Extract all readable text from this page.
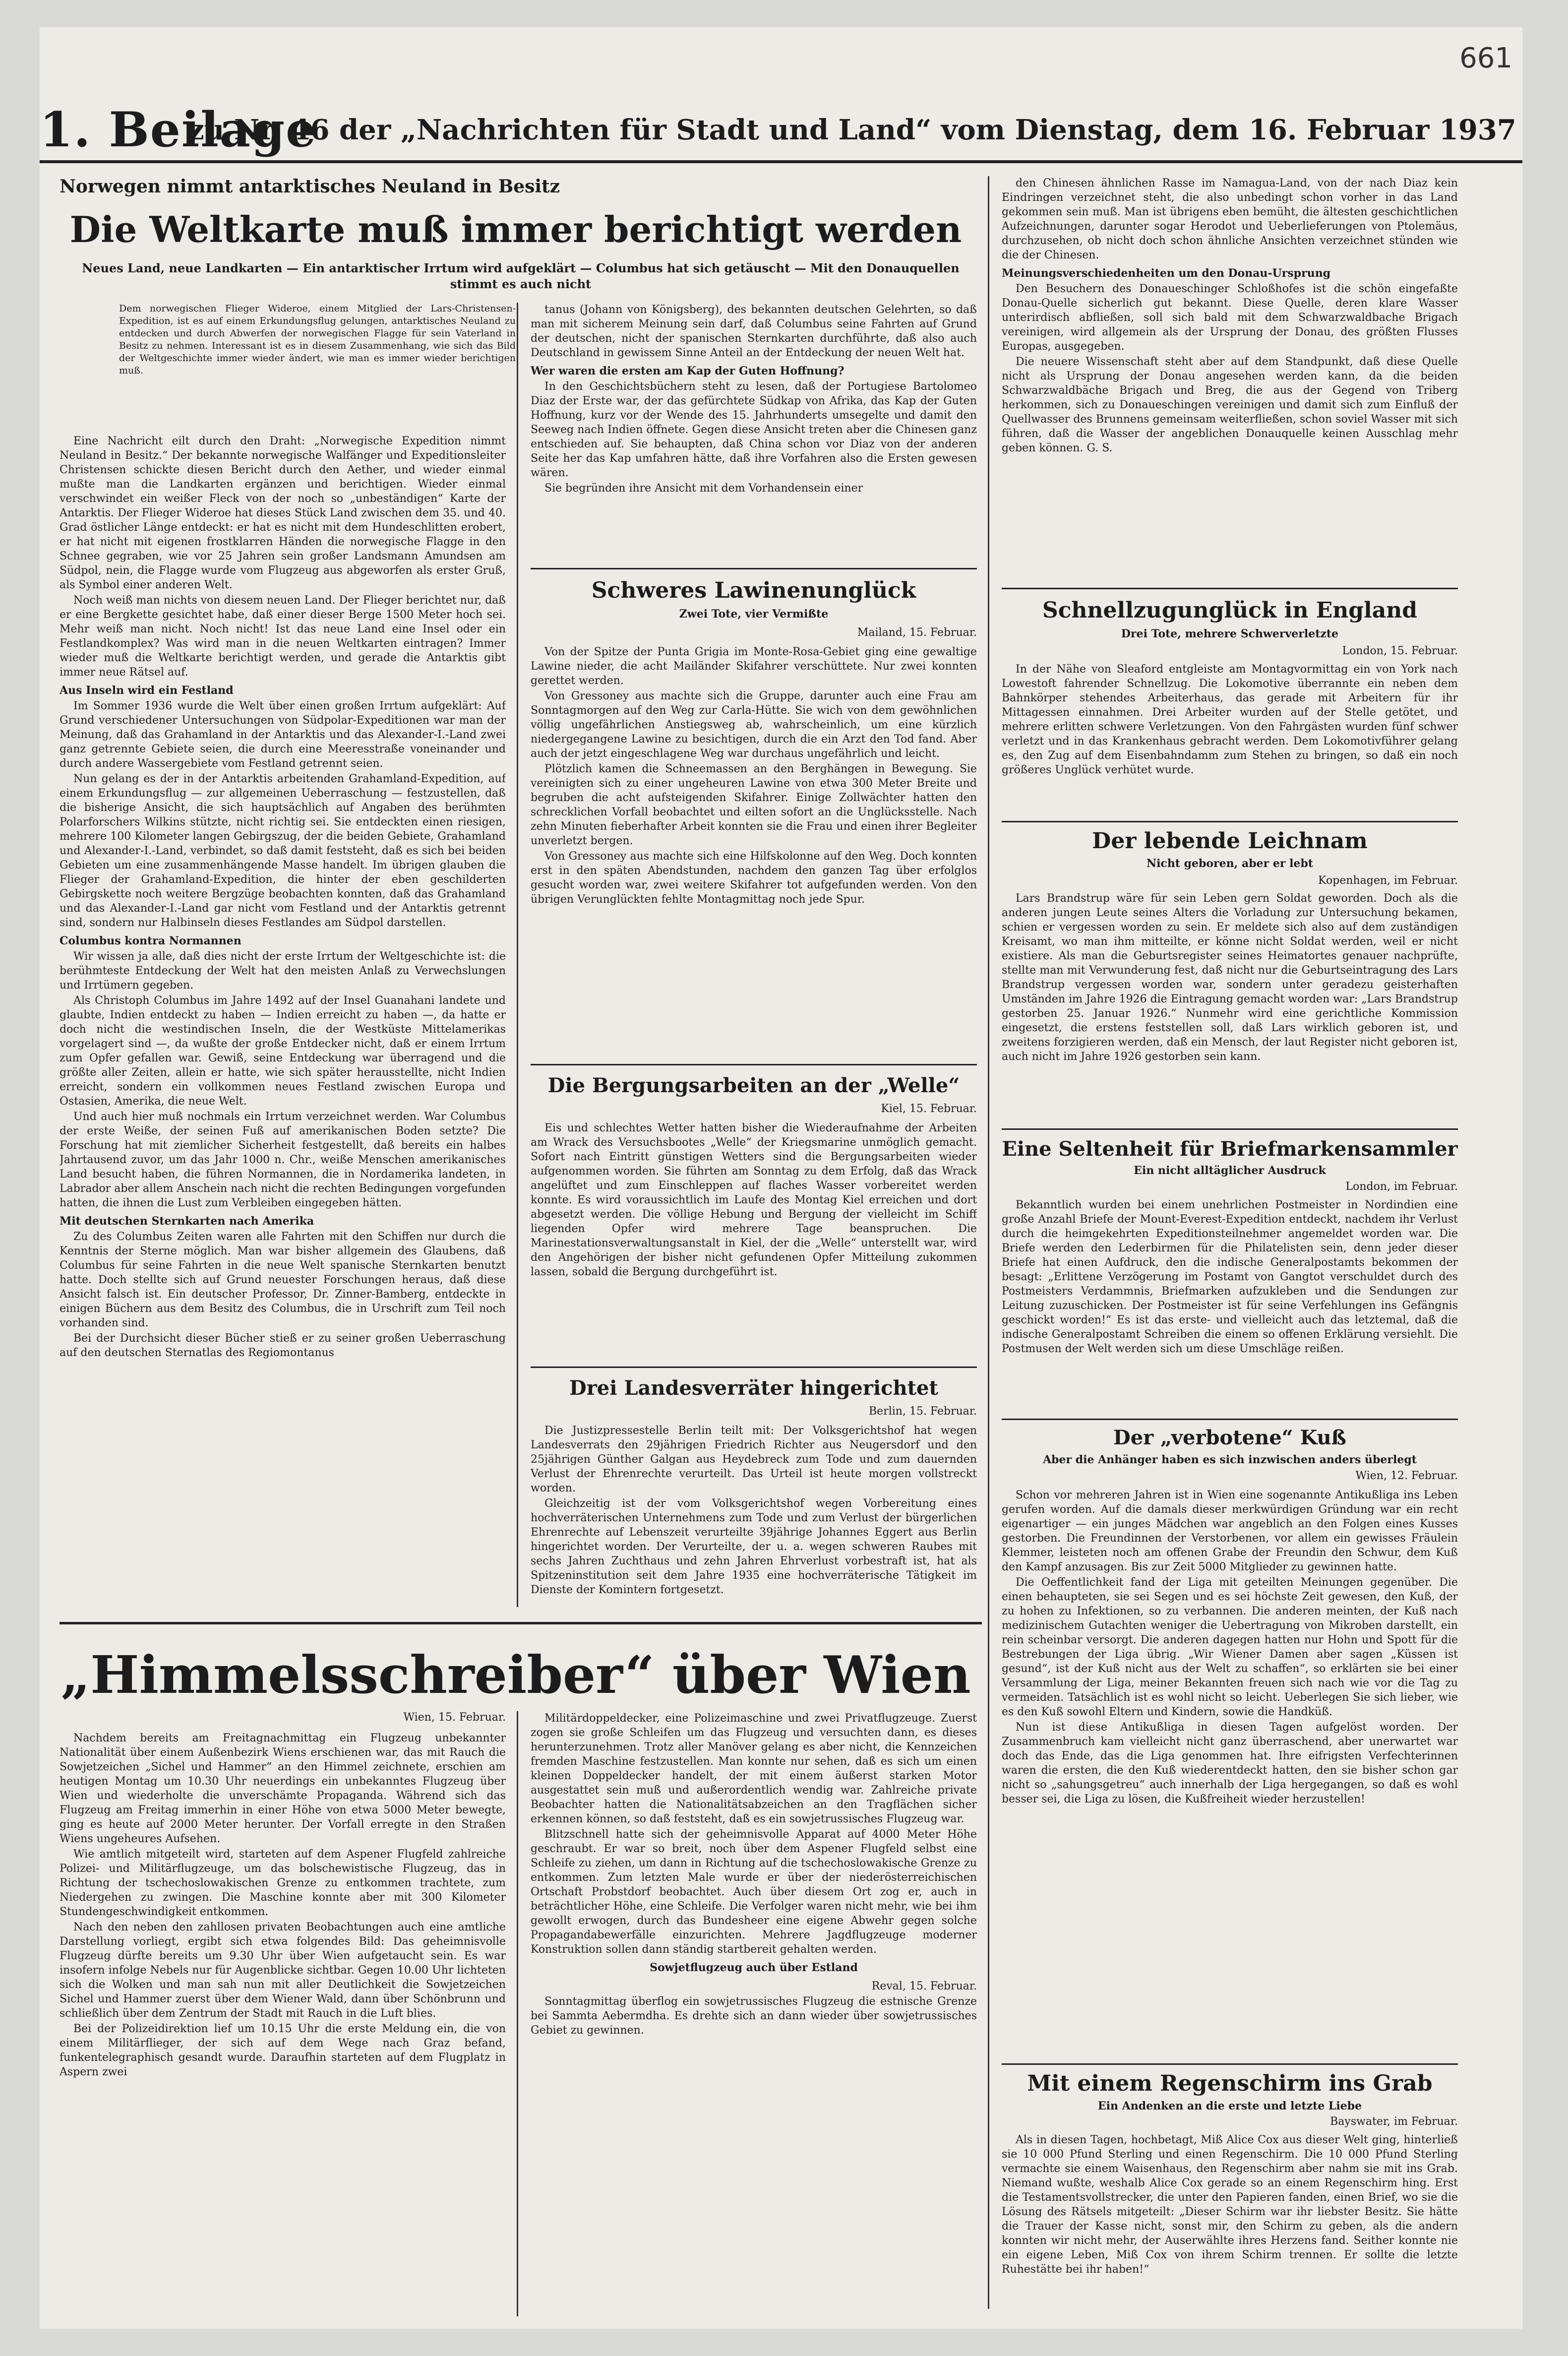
661
1. Beilage
zu Nr. 46 der „Nachrichten für Stadt und Land“ vom Dienstag, dem 16. Februar 1937
Norwegen nimmt antarktisches Neuland in Besitz
Die Weltkarte muß immer berichtigt werden
Neues Land, neue Landkarten — Ein antarktischer Irrtum wird aufgeklärt — Columbus hat sich getäuscht — Mit den Donauquellen stimmt es auch nicht
Dem norwegischen Flieger Wideroe, einem Mitglied der Lars-Christensen-Expedition, ist es auf einem Erkundungsflug gelungen, antarktisches Neuland zu entdecken und durch Abwerfen der norwegischen Flagge für sein Vaterland in Besitz zu nehmen. Interessant ist es in diesem Zusammenhang, wie sich das Bild der Weltgeschichte immer wieder ändert, wie man es immer wieder berichtigen muß.

Eine Nachricht eilt durch den Draht: „Norwegische Expedition nimmt Neuland in Besitz.“ Der bekannte norwegische Walfänger und Expeditionsleiter Christensen schickte diesen Bericht durch den Aether, und wieder einmal mußte man die Landkarten ergänzen und berichtigen. Wieder einmal verschwindet ein weißer Fleck von der noch so „unbeständigen“ Karte der Antarktis. Der Flieger Wideroe hat dieses Stück Land zwischen dem 35. und 40. Grad östlicher Länge entdeckt: er hat es nicht mit dem Hundeschlitten erobert, er hat nicht mit eigenen frostklarren Händen die norwegische Flagge in den Schnee gegraben, wie vor 25 Jahren sein großer Landsmann Amundsen am Südpol, nein, die Flagge wurde vom Flugzeug aus abgeworfen als erster Gruß, als Symbol einer anderen Welt.

Noch weiß man nichts von diesem neuen Land. Der Flieger berichtet nur, daß er eine Bergkette gesichtet habe, daß einer dieser Berge 1500 Meter hoch sei. Mehr weiß man nicht. Noch nicht! Ist das neue Land eine Insel oder ein Festlandkomplex? Was wird man in die neuen Weltkarten eintragen? Immer wieder muß die Weltkarte berichtigt werden, und gerade die Antarktis gibt immer neue Rätsel auf.

Aus Inseln wird ein Festland

Im Sommer 1936 wurde die Welt über einen großen Irrtum aufgeklärt: Auf Grund verschiedener Untersuchungen von Südpolar-Expeditionen war man der Meinung, daß das Grahamland in der Antarktis und das Alexander-I.-Land zwei ganz getrennte Gebiete seien, die durch eine Meeresstraße voneinander und durch andere Wassergebiete vom Festland getrennt seien.

Nun gelang es der in der Antarktis arbeitenden Grahamland-Expedition, auf einem Erkundungsflug — zur allgemeinen Ueberraschung — festzustellen, daß die bisherige Ansicht, die sich hauptsächlich auf Angaben des berühmten Polarforschers Wilkins stützte, nicht richtig sei. Sie entdeckten einen riesigen, mehrere 100 Kilometer langen Gebirgszug, der die beiden Gebiete, Grahamland und Alexander-I.-Land, verbindet, so daß damit feststeht, daß es sich bei beiden Gebieten um eine zusammenhängende Masse handelt. Im übrigen glauben die Flieger der Grahamland-Expedition, die hinter der eben geschilderten Gebirgskette noch weitere Bergzüge beobachten konnten, daß das Grahamland und das Alexander-I.-Land gar nicht vom Festland und der Antarktis getrennt sind, sondern nur Halbinseln dieses Festlandes am Südpol darstellen.

Columbus kontra Normannen

Wir wissen ja alle, daß dies nicht der erste Irrtum der Weltgeschichte ist: die berühmteste Entdeckung der Welt hat den meisten Anlaß zu Verwechslungen und Irrtümern gegeben.

Als Christoph Columbus im Jahre 1492 auf der Insel Guanahani landete und glaubte, Indien entdeckt zu haben — Indien erreicht zu haben —, da hatte er doch nicht die westindischen Inseln, die der Westküste Mittelamerikas vorgelagert sind —, da wußte der große Entdecker nicht, daß er einem Irrtum zum Opfer gefallen war. Gewiß, seine Entdeckung war überragend und die größte aller Zeiten, allein er hatte, wie sich später herausstellte, nicht Indien erreicht, sondern ein vollkommen neues Festland zwischen Europa und Ostasien, Amerika, die neue Welt.

Und auch hier muß nochmals ein Irrtum verzeichnet werden. War Columbus der erste Weiße, der seinen Fuß auf amerikanischen Boden setzte? Die Forschung hat mit ziemlicher Sicherheit festgestellt, daß bereits ein halbes Jahrtausend zuvor, um das Jahr 1000 n. Chr., weiße Menschen amerikanisches Land besucht haben, die führen Normannen, die in Nordamerika landeten, in Labrador aber allem Anschein nach nicht die rechten Bedingungen vorgefunden hatten, die ihnen die Lust zum Verbleiben eingegeben hätten.

Mit deutschen Sternkarten nach Amerika

Zu des Columbus Zeiten waren alle Fahrten mit den Schiffen nur durch die Kenntnis der Sterne möglich. Man war bisher allgemein des Glaubens, daß Columbus für seine Fahrten in die neue Welt spanische Sternkarten benutzt hatte. Doch stellte sich auf Grund neuester Forschungen heraus, daß diese Ansicht falsch ist. Ein deutscher Professor, Dr. Zinner-Bamberg, entdeckte in einigen Büchern aus dem Besitz des Columbus, die in Urschrift zum Teil noch vorhanden sind.

Bei der Durchsicht dieser Bücher stieß er zu seiner großen Ueberraschung auf den deutschen Sternatlas des Regiomontanus

tanus (Johann von Königsberg), des bekannten deutschen Gelehrten, so daß man mit sicherem Meinung sein darf, daß Columbus seine Fahrten auf Grund der deutschen, nicht der spanischen Sternkarten durchführte, daß also auch Deutschland in gewissem Sinne Anteil an der Entdeckung der neuen Welt hat.

Wer waren die ersten am Kap der Guten Hoffnung?

In den Geschichtsbüchern steht zu lesen, daß der Portugiese Bartolomeo Diaz der Erste war, der das gefürchtete Südkap von Afrika, das Kap der Guten Hoffnung, kurz vor der Wende des 15. Jahrhunderts umsegelte und damit den Seeweg nach Indien öffnete. Gegen diese Ansicht treten aber die Chinesen ganz entschieden auf. Sie behaupten, daß China schon vor Diaz von der anderen Seite her das Kap umfahren hätte, daß ihre Vorfahren also die Ersten gewesen wären.

Sie begründen ihre Ansicht mit dem Vorhandensein einer

Schweres Lawinenunglück
Zwei Tote, vier Vermißte
Mailand, 15. Februar.

Von der Spitze der Punta Grigia im Monte-Rosa-Gebiet ging eine gewaltige Lawine nieder, die acht Mailänder Skifahrer verschüttete. Nur zwei konnten gerettet werden.

Von Gressoney aus machte sich die Gruppe, darunter auch eine Frau am Sonntagmorgen auf den Weg zur Carla-Hütte. Sie wich von dem gewöhnlichen völlig ungefährlichen Anstiegsweg ab, wahrscheinlich, um eine kürzlich niedergegangene Lawine zu besichtigen, durch die ein Arzt den Tod fand. Aber auch der jetzt eingeschlagene Weg war durchaus ungefährlich und leicht.

Plötzlich kamen die Schneemassen an den Berghängen in Bewegung. Sie vereinigten sich zu einer ungeheuren Lawine von etwa 300 Meter Breite und begruben die acht aufsteigenden Skifahrer. Einige Zollwächter hatten den schrecklichen Vorfall beobachtet und eilten sofort an die Unglücksstelle. Nach zehn Minuten fieberhafter Arbeit konnten sie die Frau und einen ihrer Begleiter unverletzt bergen.

Von Gressoney aus machte sich eine Hilfskolonne auf den Weg. Doch konnten erst in den späten Abendstunden, nachdem den ganzen Tag über erfolglos gesucht worden war, zwei weitere Skifahrer tot aufgefunden werden. Von den übrigen Verunglückten fehlte Montagmittag noch jede Spur.

Die Bergungsarbeiten an der „Welle“
Kiel, 15. Februar.

Eis und schlechtes Wetter hatten bisher die Wiederaufnahme der Arbeiten am Wrack des Versuchsbootes „Welle“ der Kriegsmarine unmöglich gemacht. Sofort nach Eintritt günstigen Wetters sind die Bergungsarbeiten wieder aufgenommen worden. Sie führten am Sonntag zu dem Erfolg, daß das Wrack angelüftet und zum Einschleppen auf flaches Wasser vorbereitet werden konnte. Es wird voraussichtlich im Laufe des Montag Kiel erreichen und dort abgesetzt werden. Die völlige Hebung und Bergung der vielleicht im Schiff liegenden Opfer wird mehrere Tage beanspruchen. Die Marinestationsverwaltungsanstalt in Kiel, der die „Welle“ unterstellt war, wird den Angehörigen der bisher nicht gefundenen Opfer Mitteilung zukommen lassen, sobald die Bergung durchgeführt ist.

Drei Landesverräter hingerichtet
Berlin, 15. Februar.

Die Justizpressestelle Berlin teilt mit: Der Volksgerichtshof hat wegen Landesverrats den 29jährigen Friedrich Richter aus Neugersdorf und den 25jährigen Günther Galgan aus Heydebreck zum Tode und zum dauernden Verlust der Ehrenrechte verurteilt. Das Urteil ist heute morgen vollstreckt worden.

Gleichzeitig ist der vom Volksgerichtshof wegen Vorbereitung eines hochverräterischen Unternehmens zum Tode und zum Verlust der bürgerlichen Ehrenrechte auf Lebenszeit verurteilte 39jährige Johannes Eggert aus Berlin hingerichtet worden. Der Verurteilte, der u. a. wegen schweren Raubes mit sechs Jahren Zuchthaus und zehn Jahren Ehrverlust vorbestraft ist, hat als Spitzeninstitution seit dem Jahre 1935 eine hochverräterische Tätigkeit im Dienste der Komintern fortgesetzt.

den Chinesen ähnlichen Rasse im Namagua-Land, von der nach Diaz kein Eindringen verzeichnet steht, die also unbedingt schon vorher in das Land gekommen sein muß. Man ist übrigens eben bemüht, die ältesten geschichtlichen Aufzeichnungen, darunter sogar Herodot und Ueberlieferungen von Ptolemäus, durchzusehen, ob nicht doch schon ähnliche Ansichten verzeichnet stünden wie die der Chinesen.

Meinungsverschiedenheiten um den Donau-Ursprung

Den Besuchern des Donaueschinger Schloßhofes ist die schön eingefaßte Donau-Quelle sicherlich gut bekannt. Diese Quelle, deren klare Wasser unterirdisch abfließen, soll sich bald mit dem Schwarzwaldbache Brigach vereinigen, wird allgemein als der Ursprung der Donau, des größten Flusses Europas, ausgegeben.

Die neuere Wissenschaft steht aber auf dem Standpunkt, daß diese Quelle nicht als Ursprung der Donau angesehen werden kann, da die beiden Schwarzwaldbäche Brigach und Breg, die aus der Gegend von Triberg herkommen, sich zu Donaueschingen vereinigen und damit sich zum Einfluß der Quellwasser des Brunnens gemeinsam weiterfließen, schon soviel Wasser mit sich führen, daß die Wasser der angeblichen Donauquelle keinen Ausschlag mehr geben können. G. S.

Schnellzugunglück in England
Drei Tote, mehrere Schwerverletzte
London, 15. Februar.

In der Nähe von Sleaford entgleiste am Montagvormittag ein von York nach Lowestoft fahrender Schnellzug. Die Lokomotive überrannte ein neben dem Bahnkörper stehendes Arbeiterhaus, das gerade mit Arbeitern für ihr Mittagessen einnahmen. Drei Arbeiter wurden auf der Stelle getötet, und mehrere erlitten schwere Verletzungen. Von den Fahrgästen wurden fünf schwer verletzt und in das Krankenhaus gebracht werden. Dem Lokomotivführer gelang es, den Zug auf dem Eisenbahndamm zum Stehen zu bringen, so daß ein noch größeres Unglück verhütet wurde.

Der lebende Leichnam
Nicht geboren, aber er lebt
Kopenhagen, im Februar.

Lars Brandstrup wäre für sein Leben gern Soldat geworden. Doch als die anderen jungen Leute seines Alters die Vorladung zur Untersuchung bekamen, schien er vergessen worden zu sein. Er meldete sich also auf dem zuständigen Kreisamt, wo man ihm mitteilte, er könne nicht Soldat werden, weil er nicht existiere. Als man die Geburtsregister seines Heimatortes genauer nachprüfte, stellte man mit Verwunderung fest, daß nicht nur die Geburtseintragung des Lars Brandstrup vergessen worden war, sondern unter geradezu geisterhaften Umständen im Jahre 1926 die Eintragung gemacht worden war: „Lars Brandstrup gestorben 25. Januar 1926.“ Nunmehr wird eine gerichtliche Kommission eingesetzt, die erstens feststellen soll, daß Lars wirklich geboren ist, und zweitens forzigieren werden, daß ein Mensch, der laut Register nicht geboren ist, auch nicht im Jahre 1926 gestorben sein kann.

Eine Seltenheit für Briefmarkensammler
Ein nicht alltäglicher Ausdruck
London, im Februar.

Bekanntlich wurden bei einem unehrlichen Postmeister in Nordindien eine große Anzahl Briefe der Mount-Everest-Expedition entdeckt, nachdem ihr Verlust durch die heimgekehrten Expeditionsteilnehmer angemeldet worden war. Die Briefe werden den Lederbirmen für die Philatelisten sein, denn jeder dieser Briefe hat einen Aufdruck, den die indische Generalpostamts bekommen der besagt: „Erlittene Verzögerung im Postamt von Gangtot verschuldet durch des Postmeisters Verdammnis, Briefmarken aufzukleben und die Sendungen zur Leitung zuzuschicken. Der Postmeister ist für seine Verfehlungen ins Gefängnis geschickt worden!“ Es ist das erste- und vielleicht auch das letztemal, daß die indische Generalpostamt Schreiben die einem so offenen Erklärung versiehlt. Die Postmusen der Welt werden sich um diese Umschläge reißen.

Der „verbotene“ Kuß
Aber die Anhänger haben es sich inzwischen anders überlegt
Wien, 12. Februar.

Schon vor mehreren Jahren ist in Wien eine sogenannte Antikußliga ins Leben gerufen worden. Auf die damals dieser merkwürdigen Gründung war ein recht eigenartiger — ein junges Mädchen war angeblich an den Folgen eines Kusses gestorben. Die Freundinnen der Verstorbenen, vor allem ein gewisses Fräulein Klemmer, leisteten noch am offenen Grabe der Freundin den Schwur, dem Kuß den Kampf anzusagen. Bis zur Zeit 5000 Mitglieder zu gewinnen hatte.

Die Oeffentlichkeit fand der Liga mit geteilten Meinungen gegenüber. Die einen behaupteten, sie sei Segen und es sei höchste Zeit gewesen, den Kuß, der zu hohen zu Infektionen, so zu verbannen. Die anderen meinten, der Kuß nach medizinischem Gutachten weniger die Uebertragung von Mikroben darstellt, ein rein scheinbar versorgt. Die anderen dagegen hatten nur Hohn und Spott für die Bestrebungen der Liga übrig. „Wir Wiener Damen aber sagen „Küssen ist gesund“, ist der Kuß nicht aus der Welt zu schaffen“, so erklärten sie bei einer Versammlung der Liga, meiner Bekannten freuen sich nach wie vor die Tag zu vermeiden. Tatsächlich ist es wohl nicht so leicht. Ueberlegen Sie sich lieber, wie es den Kuß sowohl Eltern und Kindern, sowie die Handküß.

Nun ist diese Antikußliga in diesen Tagen aufgelöst worden. Der Zusammenbruch kam vielleicht nicht ganz überraschend, aber unerwartet war doch das Ende, das die Liga genommen hat. Ihre eifrigsten Verfechterinnen waren die ersten, die den Kuß wiederentdeckt hatten, den sie bisher schon gar nicht so „sahungsgetreu“ auch innerhalb der Liga hergegangen, so daß es wohl besser sei, die Liga zu lösen, die Kußfreiheit wieder herzustellen!

Mit einem Regenschirm ins Grab
Ein Andenken an die erste und letzte Liebe
Bayswater, im Februar.

Als in diesen Tagen, hochbetagt, Miß Alice Cox aus dieser Welt ging, hinterließ sie 10 000 Pfund Sterling und einen Regenschirm. Die 10 000 Pfund Sterling vermachte sie einem Waisenhaus, den Regenschirm aber nahm sie mit ins Grab. Niemand wußte, weshalb Alice Cox gerade so an einem Regenschirm hing. Erst die Testamentsvollstrecker, die unter den Papieren fanden, einen Brief, wo sie die Lösung des Rätsels mitgeteilt: „Dieser Schirm war ihr liebster Besitz. Sie hätte die Trauer der Kasse nicht, sonst mir, den Schirm zu geben, als die andern konnten wir nicht mehr, der Auserwählte ihres Herzens fand. Seither konnte nie ein eigene Leben, Miß Cox von ihrem Schirm trennen. Er sollte die letzte Ruhestätte bei ihr haben!“

„Himmelsschreiber“ über Wien
Wien, 15. Februar.

Nachdem bereits am Freitagnachmittag ein Flugzeug unbekannter Nationalität über einem Außenbezirk Wiens erschienen war, das mit Rauch die Sowjetzeichen „Sichel und Hammer“ an den Himmel zeichnete, erschien am heutigen Montag um 10.30 Uhr neuerdings ein unbekanntes Flugzeug über Wien und wiederholte die unverschämte Propaganda. Während sich das Flugzeug am Freitag immerhin in einer Höhe von etwa 5000 Meter bewegte, ging es heute auf 2000 Meter herunter. Der Vorfall erregte in den Straßen Wiens ungeheures Aufsehen.

Wie amtlich mitgeteilt wird, starteten auf dem Aspener Flugfeld zahlreiche Polizei- und Militärflugzeuge, um das bolschewistische Flugzeug, das in Richtung der tschechoslowakischen Grenze zu entkommen trachtete, zum Niedergehen zu zwingen. Die Maschine konnte aber mit 300 Kilometer Stundengeschwindigkeit entkommen.

Nach den neben den zahllosen privaten Beobachtungen auch eine amtliche Darstellung vorliegt, ergibt sich etwa folgendes Bild: Das geheimnisvolle Flugzeug dürfte bereits um 9.30 Uhr über Wien aufgetaucht sein. Es war insofern infolge Nebels nur für Augenblicke sichtbar. Gegen 10.00 Uhr lichteten sich die Wolken und man sah nun mit aller Deutlichkeit die Sowjetzeichen Sichel und Hammer zuerst über dem Wiener Wald, dann über Schönbrunn und schließlich über dem Zentrum der Stadt mit Rauch in die Luft blies.

Bei der Polizeidirektion lief um 10.15 Uhr die erste Meldung ein, die von einem Militärflieger, der sich auf dem Wege nach Graz befand, funkentelegraphisch gesandt wurde. Daraufhin starteten auf dem Flugplatz in Aspern zwei

Militärdoppeldecker, eine Polizeimaschine und zwei Privatflugzeuge. Zuerst zogen sie große Schleifen um das Flugzeug und versuchten dann, es dieses herunterzunehmen. Trotz aller Manöver gelang es aber nicht, die Kennzeichen fremden Maschine festzustellen. Man konnte nur sehen, daß es sich um einen kleinen Doppeldecker handelt, der mit einem äußerst starken Motor ausgestattet sein muß und außerordentlich wendig war. Zahlreiche private Beobachter hatten die Nationalitätsabzeichen an den Tragflächen sicher erkennen können, so daß feststeht, daß es ein sowjetrussisches Flugzeug war.

Blitzschnell hatte sich der geheimnisvolle Apparat auf 4000 Meter Höhe geschraubt. Er war so breit, noch über dem Aspener Flugfeld selbst eine Schleife zu ziehen, um dann in Richtung auf die tschechoslowakische Grenze zu entkommen. Zum letzten Male wurde er über der niederösterreichischen Ortschaft Probstdorf beobachtet. Auch über diesem Ort zog er, auch in beträchtlicher Höhe, eine Schleife. Die Verfolger waren nicht mehr, wie bei ihm gewollt erwogen, durch das Bundesheer eine eigene Abwehr gegen solche Propagandabewerfälle einzurichten. Mehrere Jagdflugzeuge moderner Konstruktion sollen dann ständig startbereit gehalten werden.

Sowjetflugzeug auch über Estland

Reval, 15. Februar.

Sonntagmittag überflog ein sowjetrussisches Flugzeug die estnische Grenze bei Sammta Aebermdha. Es drehte sich an dann wieder über sowjetrussisches Gebiet zu gewinnen.
